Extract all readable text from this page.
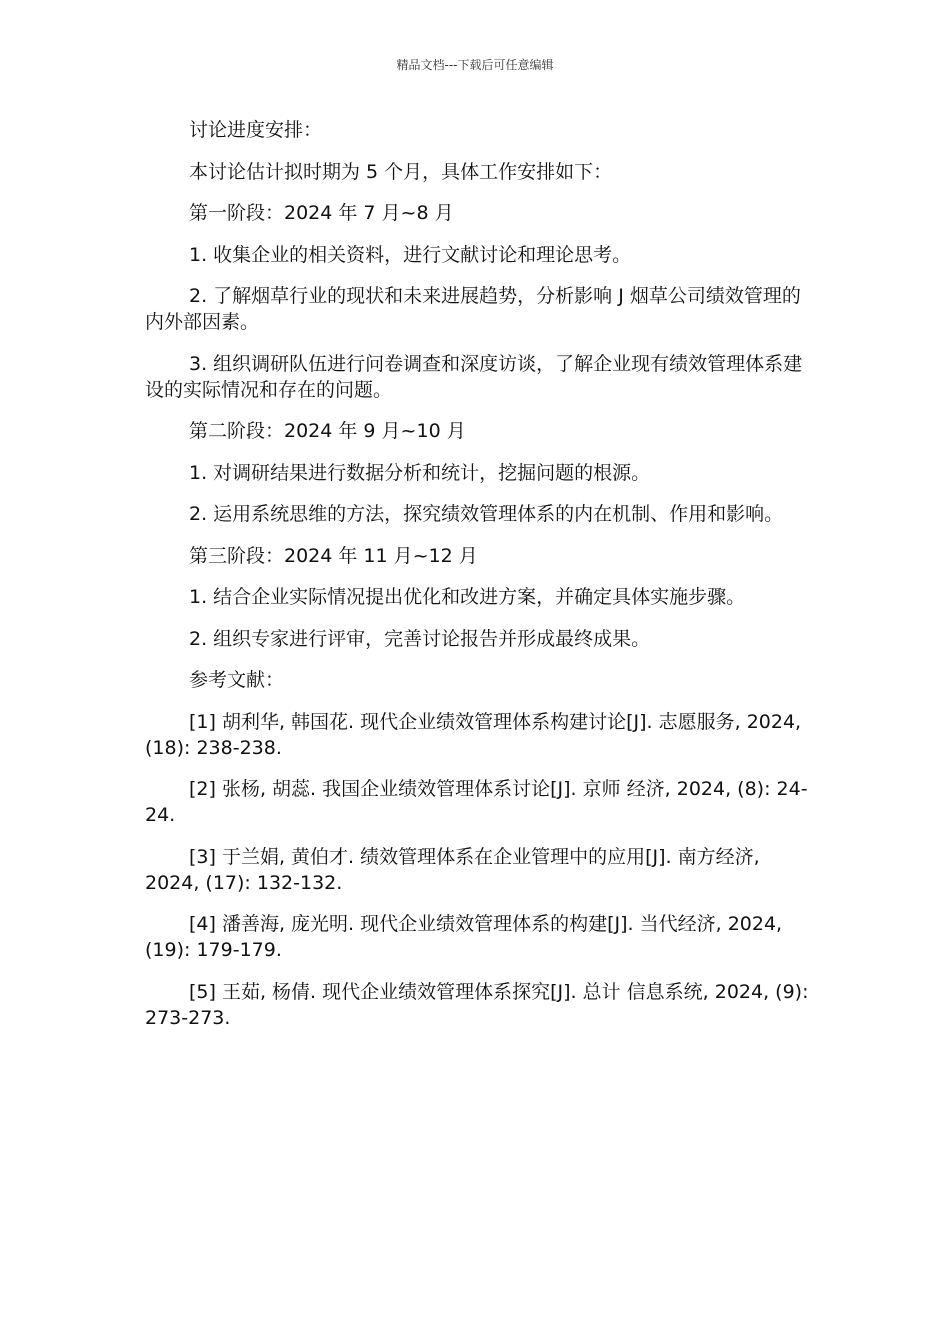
精品文档---下载后可任意编辑

讨论进度安排：

本讨论估计拟时期为 5 个月，具体工作安排如下：

第一阶段：2024 年 7 月~8 月

1. 收集企业的相关资料，进行文献讨论和理论思考。

2. 了解烟草行业的现状和未来进展趋势，分析影响 J 烟草公司绩效管理的内外部因素。

3. 组织调研队伍进行问卷调查和深度访谈，了解企业现有绩效管理体系建设的实际情况和存在的问题。

第二阶段：2024 年 9 月~10 月

1. 对调研结果进行数据分析和统计，挖掘问题的根源。

2. 运用系统思维的方法，探究绩效管理体系的内在机制、作用和影响。

第三阶段：2024 年 11 月~12 月

1. 结合企业实际情况提出优化和改进方案，并确定具体实施步骤。

2. 组织专家进行评审，完善讨论报告并形成最终成果。

参考文献：

[1] 胡利华, 韩国花. 现代企业绩效管理体系构建讨论[J]. 志愿服务, 2024, (18): 238-238.

[2] 张杨, 胡蕊. 我国企业绩效管理体系讨论[J]. 京师 经济, 2024, (8): 24-24.

[3] 于兰娟, 黄伯才. 绩效管理体系在企业管理中的应用[J]. 南方经济, 2024, (17): 132-132.

[4] 潘善海, 庞光明. 现代企业绩效管理体系的构建[J]. 当代经济, 2024, (19): 179-179.

[5] 王茹, 杨倩. 现代企业绩效管理体系探究[J]. 总计 信息系统, 2024, (9): 273-273.
